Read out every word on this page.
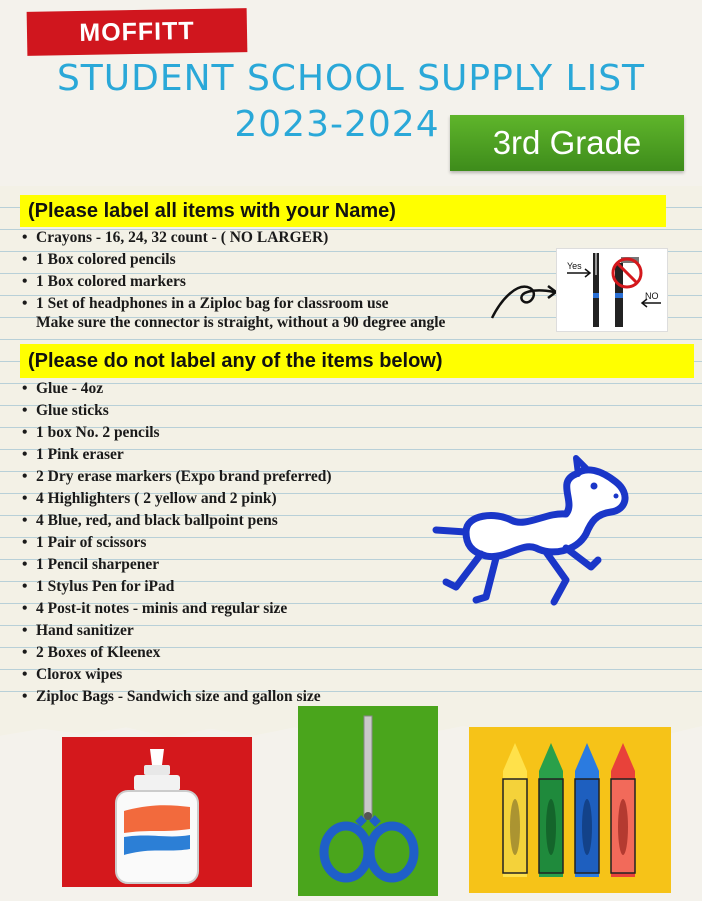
MOFFITT
STUDENT SCHOOL SUPPLY LIST
2023-2024	3rd Grade
(Please label all items with your Name)
• Crayons - 16, 24, 32 count - ( NO LARGER)
• 1 Box colored pencils
• 1 Box colored markers
• 1 Set of headphones in a Ziploc bag for classroom use
Make sure the connector is straight, without a 90 degree angle
Yes
NO
(Please do not label any of the items below)
• Glue - 4oz
• Glue sticks
• 1 box No. 2 pencils
• 1 Pink eraser
• 2 Dry erase markers (Expo brand preferred)
• 4 Highlighters ( 2 yellow and 2 pink)
• 4 Blue, red, and black ballpoint pens
• 1 Pair of scissors
• 1 Pencil sharpener
• 1 Stylus Pen for iPad
• 4 Post-it notes - minis and regular size
• Hand sanitizer
• 2 Boxes of Kleenex
• Clorox wipes
• Ziploc Bags - Sandwich size and gallon size
